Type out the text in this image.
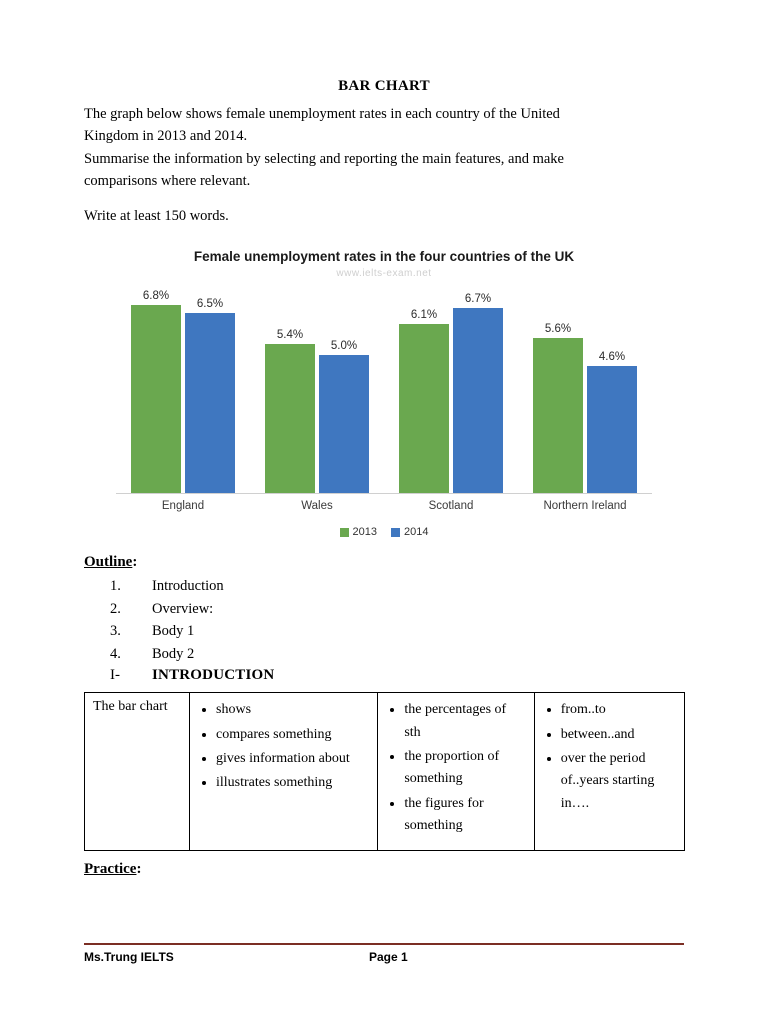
BAR CHART

The graph below shows female unemployment rates in each country of the United

Kingdom in 2013 and 2014.

Summarise the information by selecting and reporting the main features, and make

comparisons where relevant.

Write at least 150 words.

Female unemployment rates in the four countries of the UK
www.ielts-exam.net
6.8%
6.5%
5.4%
5.0%
6.1%
6.7%
5.6%
4.6%
England	Wales	Scotland	Northern Ireland
2013 2014
Outline:
1.	Introduction
2.	Overview:
3.	Body 1
4.	Body 2
I-	INTRODUCTION
The bar chart	
•shows
• compares something
• gives information about
• illustrates something

• the percentages of sth
• the proportion of something
• the figures for something

• from..to
• between..and
• over the period of..years starting in….
Practice:
Ms.Trung IELTS	Page 1
